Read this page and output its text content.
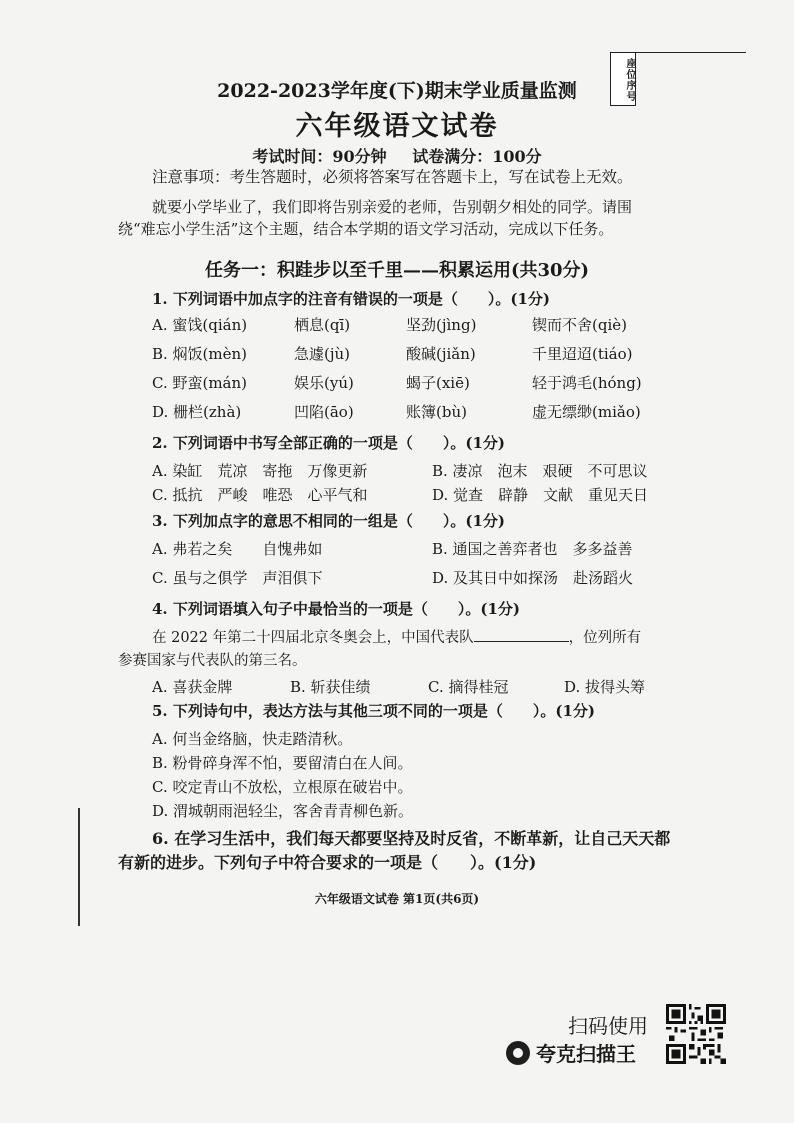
座位序号
2022-2023学年度(下)期末学业质量监测
六年级语文试卷
考试时间：90分钟 试卷满分：100分
注意事项：考生答题时，必须将答案写在答题卡上，写在试卷上无效。
就要小学毕业了，我们即将告别亲爱的老师，告别朝夕相处的同学。请围
绕“难忘小学生活”这个主题，结合本学期的语文学习活动，完成以下任务。
任务一：积跬步以至千里——积累运用(共30分)
1. 下列词语中加点字的注音有错误的一项是（　　）。(1分)
A. 蜜饯(qián)	栖息(qī)	坚劲(jìng)	锲而不舍(qiè)
B. 焖饭(mèn)	急遽(jù)	酸碱(jiǎn)	千里迢迢(tiáo)
C. 野蛮(mán)	娱乐(yú)	蝎子(xiē)	轻于鸿毛(hóng)
D. 栅栏(zhà)	凹陷(āo)	账簿(bù)	虚无缥缈(miǎo)
2. 下列词语中书写全部正确的一项是（　　）。(1分)
A. 染缸　荒凉　寄拖　万像更新	B. 凄凉　泡末　艰硬　不可思议
C. 抵抗　严峻　唯恐　心平气和	D. 觉查　辟静　文献　重见天日
3. 下列加点字的意思不相同的一组是（　　）。(1分)
A. 弗若之矣　　自愧弗如	B. 通国之善弈者也　多多益善
C. 虽与之俱学　声泪俱下	D. 及其日中如探汤　赴汤蹈火
4. 下列词语填入句子中最恰当的一项是（　　）。(1分)
在 2022 年第二十四届北京冬奥会上，中国代表队	，位列所有
参赛国家与代表队的第三名。
A. 喜获金牌	B. 斩获佳绩	C. 摘得桂冠	D. 拔得头筹
5. 下列诗句中，表达方法与其他三项不同的一项是（　　）。(1分)
A. 何当金络脑，快走踏清秋。
B. 粉骨碎身浑不怕，要留清白在人间。
C. 咬定青山不放松，立根原在破岩中。
D. 渭城朝雨浥轻尘，客舍青青柳色新。
6. 在学习生活中，我们每天都要坚持及时反省，不断革新，让自己天天都
有新的进步。下列句子中符合要求的一项是（　　）。(1分)
六年级语文试卷 第1页(共6页)
扫码使用
夸克扫描王
